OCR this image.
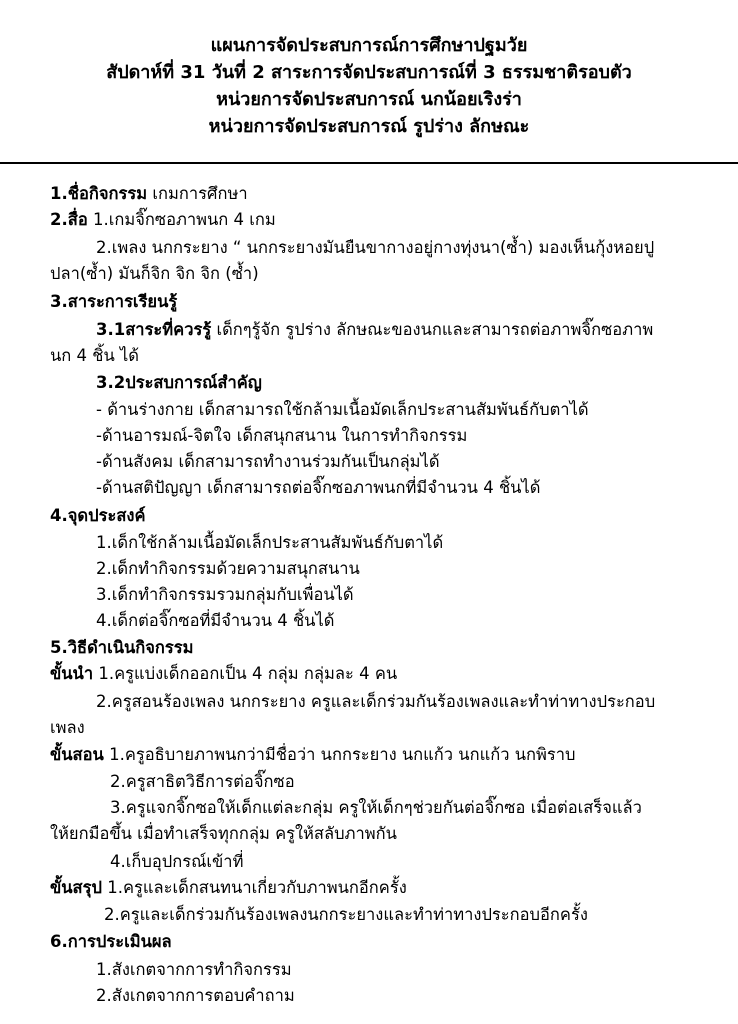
แผนการจัดประสบการณ์การศึกษาปฐมวัย
สัปดาห์ที่ 31 วันที่ 2 สาระการจัดประสบการณ์ที่ 3 ธรรมชาติรอบตัว
หน่วยการจัดประสบการณ์ นกน้อยเริงร่า
หน่วยการจัดประสบการณ์ รูปร่าง ลักษณะ
1.ชื่อกิจกรรม เกมการศึกษา
2.สื่อ 1.เกมจิ๊กซอภาพนก 4 เกม
2.เพลง นกกระยาง “ นกกระยางมันยืนขากางอยู่กางทุ่งนา(ซ้ำ) มองเห็นกุ้งหอยปู
ปลา(ซ้ำ) มันก็จิก จิก จิก (ซ้ำ)
3.สาระการเรียนรู้
3.1สาระที่ควรรู้ เด็กๆรู้จัก รูปร่าง ลักษณะของนกและสามารถต่อภาพจิ๊กซอภาพ
นก 4 ชิ้น ได้
3.2ประสบการณ์สำคัญ
- ด้านร่างกาย เด็กสามารถใช้กล้ามเนื้อมัดเล็กประสานสัมพันธ์กับตาได้
-ด้านอารมณ์-จิตใจ เด็กสนุกสนาน ในการทำกิจกรรม
-ด้านสังคม เด็กสามารถทำงานร่วมกันเป็นกลุ่มได้
-ด้านสติปัญญา เด็กสามารถต่อจิ๊กซอภาพนกที่มีจำนวน 4 ชิ้นได้
4.จุดประสงค์
1.เด็กใช้กล้ามเนื้อมัดเล็กประสานสัมพันธ์กับตาได้
2.เด็กทำกิจกรรมด้วยความสนุกสนาน
3.เด็กทำกิจกรรมรวมกลุ่มกับเพื่อนได้
4.เด็กต่อจิ๊กซอที่มีจำนวน 4 ชิ้นได้
5.วิธีดำเนินกิจกรรม
ขั้นนำ 1.ครูแบ่งเด็กออกเป็น 4 กลุ่ม กลุ่มละ 4 คน
2.ครูสอนร้องเพลง นกกระยาง ครูและเด็กร่วมกันร้องเพลงและทำท่าทางประกอบ
เพลง
ขั้นสอน 1.ครูอธิบายภาพนกว่ามีชื่อว่า นกกระยาง นกแก้ว นกแก้ว นกพิราบ
2.ครูสาธิตวิธีการต่อจิ๊กซอ
3.ครูแจกจิ๊กซอให้เด็กแต่ละกลุ่ม ครูให้เด็กๆช่วยกันต่อจิ๊กซอ เมื่อต่อเสร็จแล้ว
ให้ยกมือขึ้น เมื่อทำเสร็จทุกกลุ่ม ครูให้สลับภาพกัน
4.เก็บอุปกรณ์เข้าที่
ขั้นสรุป 1.ครูและเด็กสนทนาเกี่ยวกับภาพนกอีกครั้ง
2.ครูและเด็กร่วมกันร้องเพลงนกกระยางและทำท่าทางประกอบอีกครั้ง
6.การประเมินผล
1.สังเกตจากการทำกิจกรรม
2.สังเกตจากการตอบคำถาม
